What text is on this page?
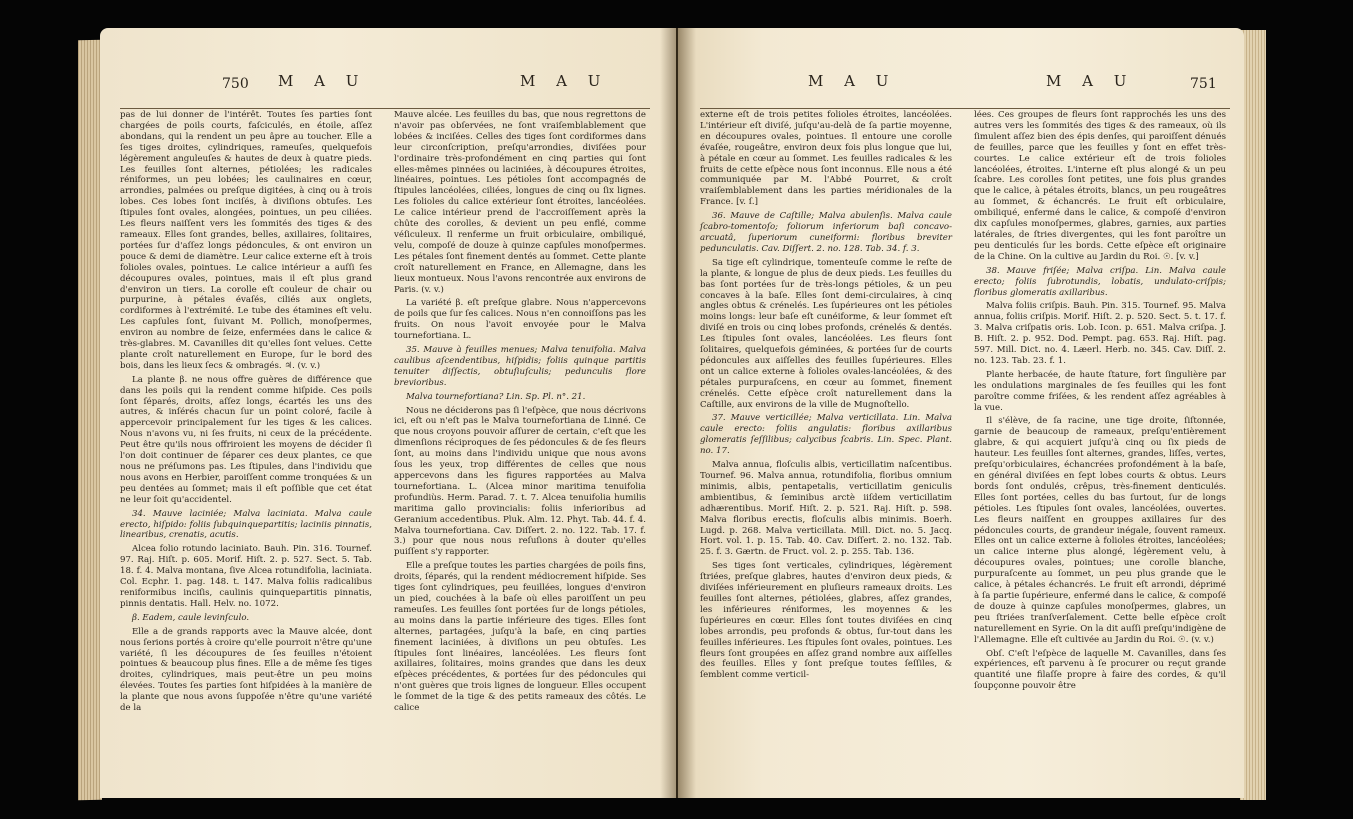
750 M A U	M A U

pas de lui donner de l'intérêt. Toutes ſes parties ſont chargées de poils courts, faſciculés, en étoile, aſſez abondans, qui la rendent un peu âpre au toucher. Elle a ſes tiges droites, cylindriques, rameuſes, quelquefois légèrement anguleuſes & hautes de deux à quatre pieds. Les feuilles ſont alternes, pétiolées; les radicales réniformes, un peu lobées; les caulinaires en cœur, arrondies, palmées ou preſque digitées, à cinq ou à trois lobes. Ces lobes ſont inciſés, à diviſions obtuſes. Les ſtipules ſont ovales, alongées, pointues, un peu ciliées. Les fleurs naiſſent vers les ſommités des tiges & des rameaux. Elles ſont grandes, belles, axillaires, ſolitaires, portées ſur d'aſſez longs pédoncules, & ont environ un pouce & demi de diamètre. Leur calice externe eſt à trois folioles ovales, pointues. Le calice intérieur a auſſi ſes découpures ovales, pointues, mais il eſt plus grand d'environ un tiers. La corolle eſt couleur de chair ou purpurine, à pétales évaſés, ciliés aux onglets, cordiformes à l'extrémité. Le tube des étamines eſt velu. Les capſules ſont, ſuivant M. Pollich, monoſpermes, environ au nombre de ſeize, enfermées dans le calice & très-glabres. M. Cavanilles dit qu'elles ſont velues. Cette plante croît naturellement en Europe, ſur le bord des bois, dans les lieux ſecs & ombragés. ♃. (v. v.)

La plante β. ne nous offre guères de différence que dans les poils qui la rendent comme hiſpide. Ces poils ſont ſéparés, droits, aſſez longs, écartés les uns des autres, & inſérés chacun ſur un point coloré, facile à appercevoir principalement ſur les tiges & les calices. Nous n'avons vu, ni ſes fruits, ni ceux de la précédente. Peut être qu'ils nous offriroient les moyens de décider ſi l'on doit continuer de ſéparer ces deux plantes, ce que nous ne préſumons pas. Les ſtipules, dans l'individu que nous avons en Herbier, paroiſſent comme tronquées & un peu dentées au ſommet; mais il eſt poſſible que cet état ne leur ſoit qu'accidentel.

34. Mauve laciniée; Malva laciniata. Malva caule erecto, hiſpido: foliis ſubquinquepartitis; laciniis pinnatis, linearibus, crenatis, acutis.

Alcea folio rotundo laciniato. Bauh. Pin. 316. Tournef. 97. Raj. Hiſt. p. 605. Morif. Hiſt. 2. p. 527. Sect. 5. Tab. 18. f. 4. Malva montana, ſive Alcea rotundifolia, laciniata. Col. Ecphr. 1. pag. 148. t. 147. Malva foliis radicalibus reniformibus inciſis, caulinis quinquepartitis pinnatis, pinnis dentatis. Hall. Helv. no. 1072.

β. Eadem, caule levinſculo.

Elle a de grands rapports avec la Mauve alcée, dont nous ſerions portés à croire qu'elle pourroit n'être qu'une variété, ſi les découpures de ſes feuilles n'étoient pointues & beaucoup plus fines. Elle a de même ſes tiges droites, cylindriques, mais peut-être un peu moins élevées. Toutes ſes parties ſont hiſpidées à la manière de la plante que nous avons ſuppoſée n'être qu'une variété de la

Mauve alcée. Les feuilles du bas, que nous regrettons de n'avoir pas obſervées, ne ſont vraiſemblablement que lobées & inciſées. Celles des tiges ſont cordiformes dans leur circonſcription, preſqu'arrondies, diviſées pour l'ordinaire très-profondément en cinq parties qui ſont elles-mêmes pinnées ou laciniées, à découpures étroites, linéaires, pointues. Les pétioles ſont accompagnés de ſtipules lancéolées, ciliées, longues de cinq ou ſix lignes. Les folioles du calice extérieur ſont étroites, lancéolées. Le calice intérieur prend de l'accroiſſement après la chûte des corolles, & devient un peu enflé, comme véſiculeux. Il renferme un fruit orbiculaire, ombiliqué, velu, compoſé de douze à quinze capſules monoſpermes. Les pétales ſont finement dentés au ſommet. Cette plante croît naturellement en France, en Allemagne, dans les lieux montueux. Nous l'avons rencontrée aux environs de Paris. (v. v.)

La variété β. eſt preſque glabre. Nous n'appercevons de poils que ſur ſes calices. Nous n'en connoiſſons pas les fruits. On nous l'avoit envoyée pour le Malva tournefortiana. L.

35. Mauve à feuilles menues; Malva tenuifolia. Malva caulibus aſcendentibus, hiſpidis; foliis quinque partitis tenuiter diſſectis, obtuſiuſculis; pedunculis flore brevioribus.

Malva tournefortiana? Lin. Sp. Pl. n°. 21.

Nous ne déciderons pas ſi l'eſpèce, que nous décrivons ici, eſt ou n'eſt pas le Malva tournefortiana de Linné. Ce que nous croyons pouvoir aſſurer de certain, c'eſt que les dimenſions réciproques de ſes pédoncules & de ſes fleurs ſont, au moins dans l'individu unique que nous avons ſous les yeux, trop différentes de celles que nous appercevons dans les figures rapportées au Malva tournefortiana. L. (Alcea minor maritima tenuifolia profundiùs. Herm. Parad. 7. t. 7. Alcea tenuifolia humilis maritima gallo provincialis: foliis inferioribus ad Geranium accedentibus. Pluk. Alm. 12. Phyt. Tab. 44. f. 4. Malva tournefortiana. Cav. Diſſert. 2. no. 122. Tab. 17. f. 3.) pour que nous nous reſuſions à douter qu'elles puiſſent s'y rapporter.

Elle a preſque toutes les parties chargées de poils fins, droits, ſéparés, qui la rendent médiocrement hiſpide. Ses tiges ſont cylindriques, peu feuillées, longues d'environ un pied, couchées à la baſe où elles paroiſſent un peu rameuſes. Les feuilles ſont portées ſur de longs pétioles, au moins dans la partie inférieure des tiges. Elles ſont alternes, partagées, juſqu'à la baſe, en cinq parties finement laciniées, à diviſions un peu obtuſes. Les ſtipules ſont linéaires, lancéolées. Les fleurs ſont axillaires, ſolitaires, moins grandes que dans les deux eſpèces précédentes, & portées ſur des pédoncules qui n'ont guères que trois lignes de longueur. Elles occupent le ſommet de la tige & des petits rameaux des côtés. Le calice

M A U	M A U	751

externe eſt de trois petites folioles étroites, lancéolées. L'intérieur eſt diviſé, juſqu'au-delà de ſa partie moyenne, en découpures ovales, pointues. Il entoure une corolle évaſée, rougeâtre, environ deux fois plus longue que lui, à pétale en cœur au ſommet. Les feuilles radicales & les fruits de cette eſpèce nous ſont inconnus. Elle nous a été communiquée par M. l'Abbé Pourret, & croît vraiſemblablement dans les parties méridionales de la France. [v. ſ.]

36. Mauve de Caſtille; Malva abulenſis. Malva caule ſcabro-tomentoſo; foliorum inferiorum baſi concavo-arcuatâ, ſuperiorum cuneiformi: floribus breviter pedunculatis. Cav. Diſſert. 2. no. 128. Tab. 34. f. 3.

Sa tige eſt cylindrique, tomenteuſe comme le reſte de la plante, & longue de plus de deux pieds. Les feuilles du bas ſont portées ſur de très-longs pétioles, & un peu concaves à la baſe. Elles ſont demi-circulaires, à cinq angles obtus & crénelés. Les ſupérieures ont les pétioles moins longs: leur baſe eſt cunéiforme, & leur ſommet eſt diviſé en trois ou cinq lobes profonds, crénelés & dentés. Les ſtipules ſont ovales, lancéolées. Les fleurs ſont ſolitaires, quelquefois géminées, & portées ſur de courts pédoncules aux aiſſelles des feuilles ſupérieures. Elles ont un calice externe à folioles ovales-lancéolées, & des pétales purpuraſcens, en cœur au ſommet, finement crénelés. Cette eſpèce croît naturellement dans la Caſtille, aux environs de la ville de Mugnoſtello.

37. Mauve verticillée; Malva verticillata. Lin. Malva caule erecto: foliis angulatis: floribus axillaribus glomeratis ſeſſilibus; calycibus ſcabris. Lin. Spec. Plant. no. 17.

Malva annua, floſculis albis, verticillatim naſcentibus. Tournef. 96. Malva annua, rotundifolia, floribus omnium minimis, albis, pentapetalis, verticillatim geniculis ambientibus, & ſeminibus arctè iiſdem verticillatim adhærentibus. Morif. Hiſt. 2. p. 521. Raj. Hiſt. p. 598. Malva floribus erectis, floſculis albis minimis. Boerh. Lugd. p. 268. Malva verticillata. Mill. Dict. no. 5. Jacq. Hort. vol. 1. p. 15. Tab. 40. Cav. Diſſert. 2. no. 132. Tab. 25. f. 3. Gærtn. de Fruct. vol. 2. p. 255. Tab. 136.

Ses tiges ſont verticales, cylindriques, légèrement ſtriées, preſque glabres, hautes d'environ deux pieds, & diviſées inférieurement en pluſieurs rameaux droits. Les feuilles ſont alternes, pétiolées, glabres, aſſez grandes, les inférieures réniformes, les moyennes & les ſupérieures en cœur. Elles ſont toutes diviſées en cinq lobes arrondis, peu profonds & obtus, ſur-tout dans les feuilles inférieures. Les ſtipules ſont ovales, pointues. Les fleurs ſont groupées en aſſez grand nombre aux aiſſelles des feuilles. Elles y ſont preſque toutes ſeſſiles, & ſemblent comme verticil-

lées. Ces groupes de fleurs ſont rapprochés les uns des autres vers les ſommités des tiges & des rameaux, où ils ſimulent aſſez bien des épis denſes, qui paroiſſent dénués de feuilles, parce que les feuilles y ſont en effet très-courtes. Le calice extérieur eſt de trois folioles lancéolées, étroites. L'interne eſt plus alongé & un peu ſcabre. Les corolles ſont petites, une fois plus grandes que le calice, à pétales étroits, blancs, un peu rougeâtres au ſommet, & échancrés. Le fruit eſt orbiculaire, ombiliqué, enfermé dans le calice, & compoſé d'environ dix capſules monoſpermes, glabres, garnies, aux parties latérales, de ſtries divergentes, qui les font paroître un peu denticulés ſur les bords. Cette eſpèce eſt originaire de la Chine. On la cultive au Jardin du Roi. ☉. [v. v.]

38. Mauve friſée; Malva criſpa. Lin. Malva caule erecto; foliis ſubrotundis, lobatis, undulato-criſpis; floribus glomeratis axillaribus.

Malva foliis criſpis. Bauh. Pin. 315. Tournef. 95. Malva annua, foliis criſpis. Morif. Hiſt. 2. p. 520. Sect. 5. t. 17. f. 3. Malva criſpatis oris. Lob. Icon. p. 651. Malva criſpa. J. B. Hiſt. 2. p. 952. Dod. Pempt. pag. 653. Raj. Hiſt. pag. 597. Mill. Dict. no. 4. Læerl. Herb. no. 345. Cav. Diſſ. 2. no. 123. Tab. 23. f. 1.

Plante herbacée, de haute ſtature, fort ſingulière par les ondulations marginales de ſes feuilles qui les font paroître comme friſées, & les rendent aſſez agréables à la vue.

Il s'élève, de ſa racine, une tige droite, ſiſtonnée, garnie de beaucoup de rameaux, preſqu'entièrement glabre, & qui acquiert juſqu'à cinq ou ſix pieds de hauteur. Les feuilles ſont alternes, grandes, liſſes, vertes, preſqu'orbiculaires, échancrées profondément à la baſe, en général diviſées en ſept lobes courts & obtus. Leurs bords ſont ondulés, crêpus, très-finement denticulés. Elles ſont portées, celles du bas ſurtout, ſur de longs pétioles. Les ſtipules ſont ovales, lancéolées, ouvertes. Les fleurs naiſſent en grouppes axillaires ſur des pédoncules courts, de grandeur inégale, ſouvent rameux. Elles ont un calice externe à folioles étroites, lancéolées; un calice interne plus alongé, légèrement velu, à découpures ovales, pointues; une corolle blanche, purpuraſcente au ſommet, un peu plus grande que le calice, à pétales échancrés. Le fruit eſt arrondi, déprimé à ſa partie ſupérieure, enfermé dans le calice, & compoſé de douze à quinze capſules monoſpermes, glabres, un peu ſtriées tranſverſalement. Cette belle eſpèce croît naturellement en Syrie. On la dit auſſi preſqu'indigène de l'Allemagne. Elle eſt cultivée au Jardin du Roi. ☉. (v. v.)

Obſ. C'eſt l'eſpèce de laquelle M. Cavanilles, dans ſes expériences, eſt parvenu à ſe procurer ou reçut grande quantité une filaſſe propre à faire des cordes, & qu'il ſoupçonne pouvoir être
